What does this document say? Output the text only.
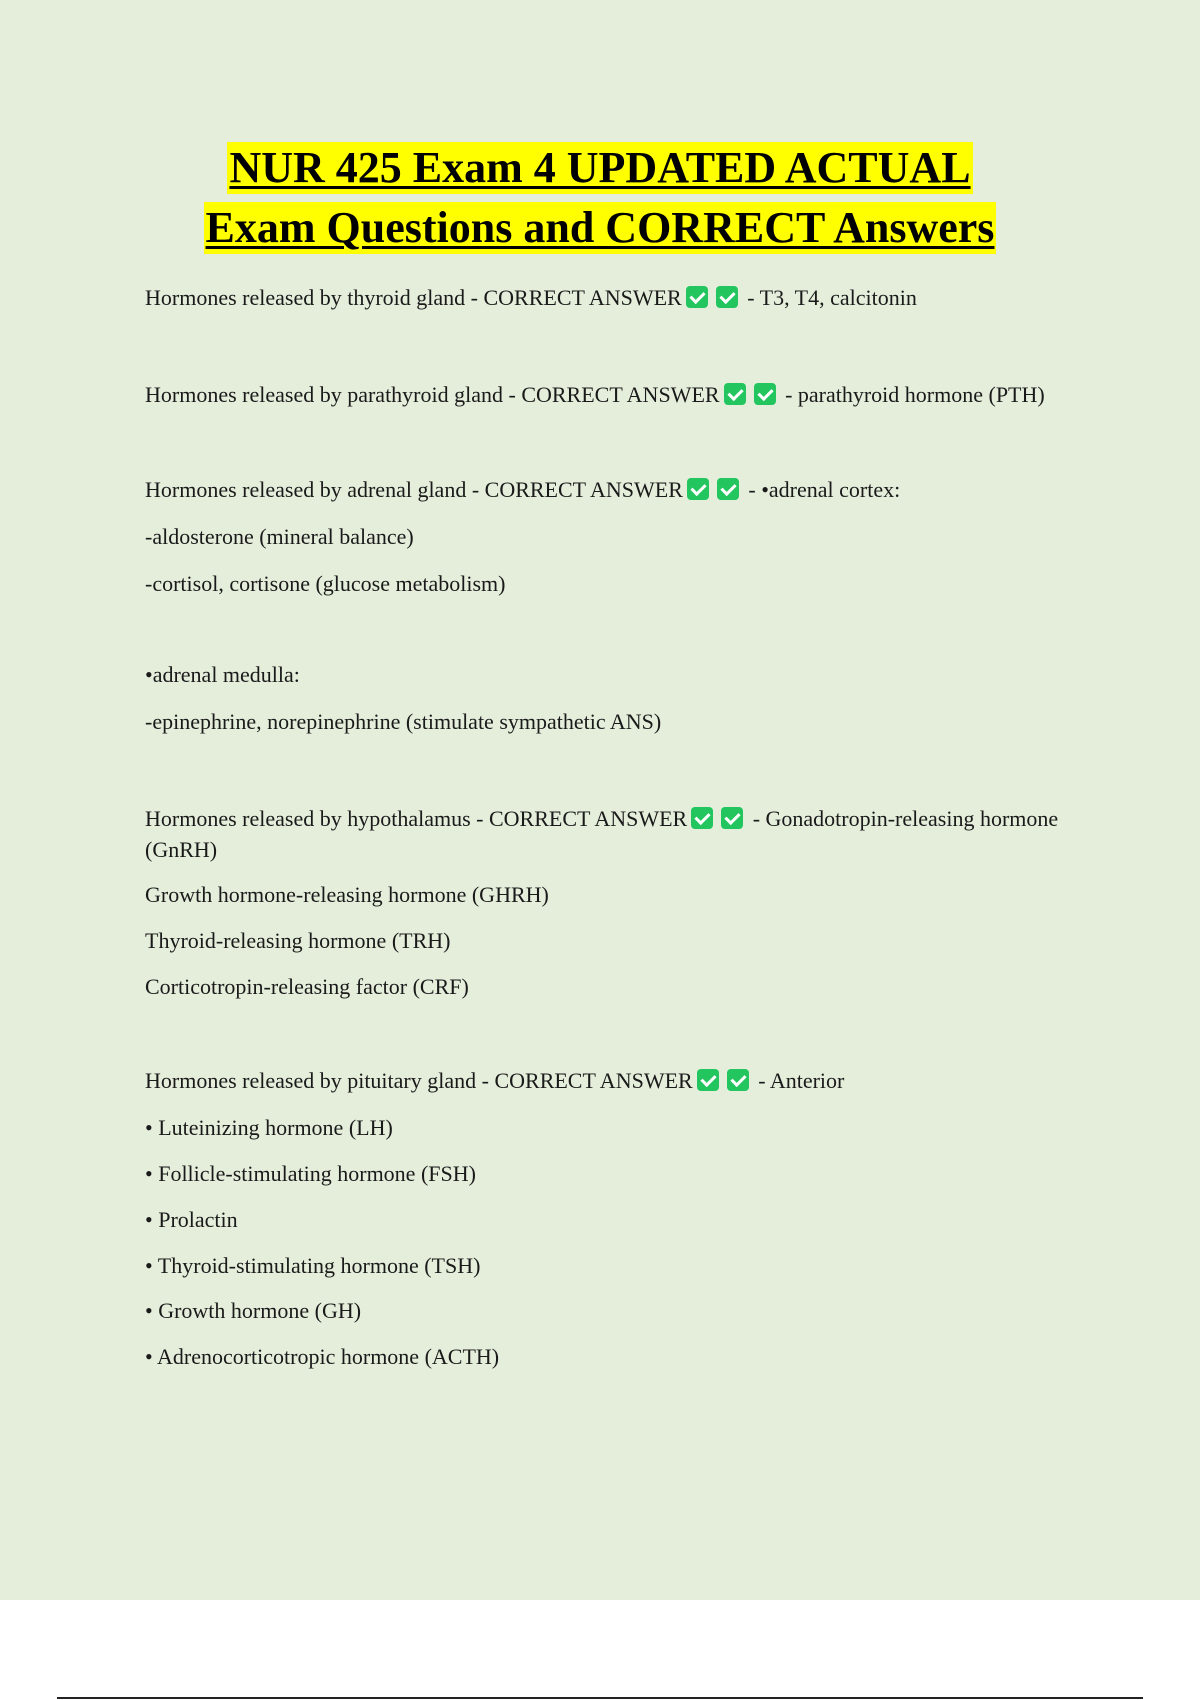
NUR 425 Exam 4 UPDATED ACTUAL
Exam Questions and CORRECT Answers
Hormones released by thyroid gland - CORRECT ANSWER	- T3, T4, calcitonin
Hormones released by parathyroid gland - CORRECT ANSWER	- parathyroid hormone (PTH)
Hormones released by adrenal gland - CORRECT ANSWER	- •adrenal cortex:

-aldosterone (mineral balance)

-cortisol, cortisone (glucose metabolism)

•adrenal medulla:

-epinephrine, norepinephrine (stimulate sympathetic ANS)

Hormones released by hypothalamus - CORRECT ANSWER	- Gonadotropin-releasing hormone (GnRH)

Growth hormone-releasing hormone (GHRH)

Thyroid-releasing hormone (TRH)

Corticotropin-releasing factor (CRF)

Hormones released by pituitary gland - CORRECT ANSWER	- Anterior

• Luteinizing hormone (LH)

• Follicle-stimulating hormone (FSH)

• Prolactin

• Thyroid-stimulating hormone (TSH)

• Growth hormone (GH)

• Adrenocorticotropic hormone (ACTH)
